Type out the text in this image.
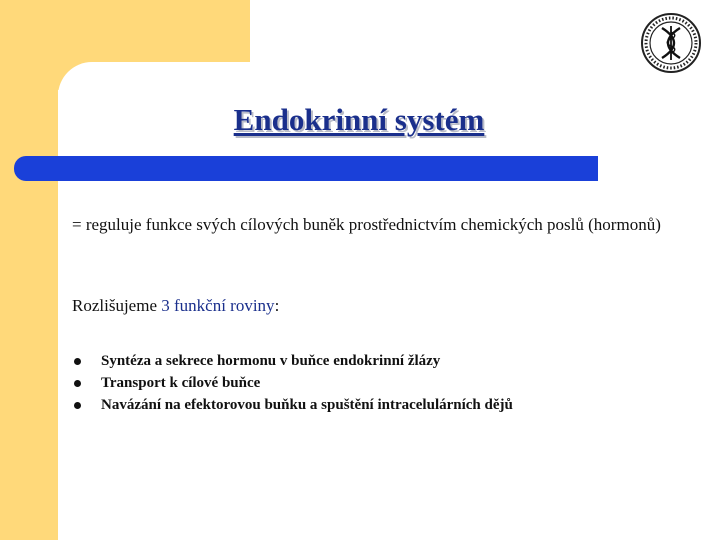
Endokrinní systém

= reguluje funkce svých cílových buněk prostřednictvím chemických poslů (hormonů)

Rozlišujeme 3 funkční roviny:

Syntéza a sekrece hormonu v buňce endokrinní žlázy
Transport k cílové buňce
Navázání na efektorovou buňku a spuštění intracelulárních dějů
